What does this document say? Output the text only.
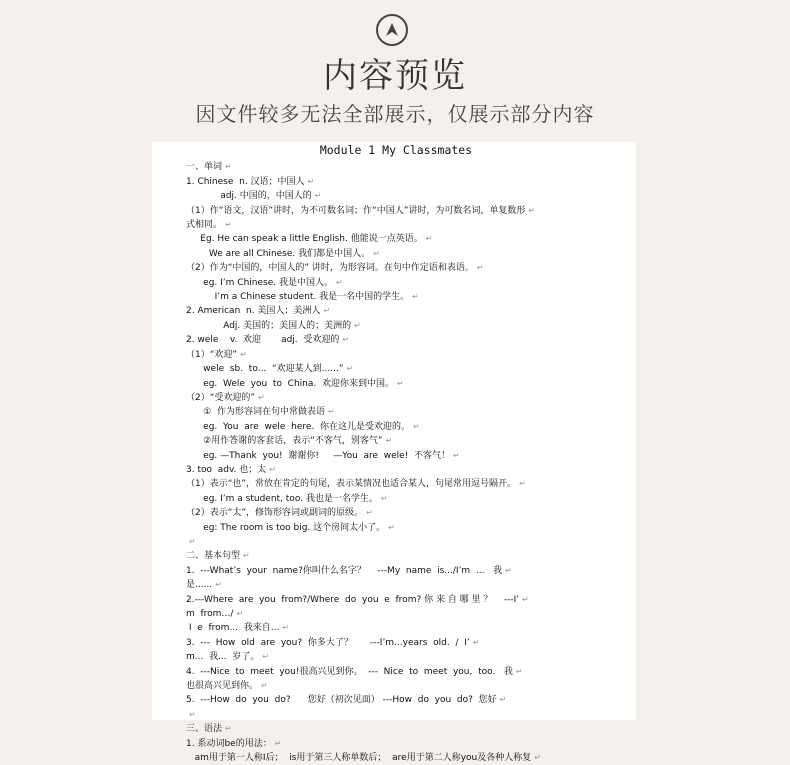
内容预览
因文件较多无法全部展示，仅展示部分内容
Module 1 My Classmates
一、单词 ↵
1. Chinese  n. 汉语；中国人 ↵
adj. 中国的，中国人的 ↵
（1）作“语文，汉语”讲时，为不可数名词；作“中国人”讲时，为可数名词，单复数形 ↵
式相同。 ↵
Eg. He can speak a little English. 他能说一点英语。 ↵
We are all Chinese. 我们都是中国人。 ↵
（2）作为“中国的，中国人的” 讲时，为形容词。在句中作定语和表语。 ↵
eg. I’m Chinese. 我是中国人。 ↵
I’m a Chinese student. 我是一名中国的学生。 ↵
2. American  n. 美国人；美洲人 ↵
Adj. 美国的；美国人的；美洲的 ↵
2. wele    v.  欢迎       adj.  受欢迎的 ↵
（1）“欢迎” ↵
wele  sb.  to...  “欢迎某人到......” ↵
eg.  Wele  you  to  China.  欢迎你来到中国。 ↵
（2）“受欢迎的” ↵
①  作为形容词在句中常做表语 ↵
eg.  You  are  wele  here.  你在这儿是受欢迎的。 ↵
②用作答谢的客套话，表示“不客气，别客气” ↵
eg. —Thank  you!  谢谢你!     —You  are  wele!  不客气！ ↵
3. too  adv. 也；太 ↵
（1）表示“也”，常放在肯定的句尾，表示某情况也适合某人，句尾常用逗号隔开。 ↵
eg. I’m a student, too. 我也是一名学生。 ↵
（2）表示“太”，修饰形容词或副词的原级。 ↵
eg: The room is too big. 这个房间太小了。 ↵
↵
二、基本句型 ↵
1.  ---What’s  your  name?你叫什么名字？    ---My  name  is.../I’m  ...   我 ↵
是...... ↵
2.---Where  are  you  from?/Where  do  you  e  from? 你 来 自 哪 里 ？    ---I’ ↵
m  from…/ ↵
I  e  from...  我来自... ↵
3.  ---  How  old  are  you?  你多大了？      ---I’m...years  old.  /  I’ ↵
m...  我...  岁了。 ↵
4.  ---Nice  to  meet  you!很高兴见到你。  ---  Nice  to  meet  you,  too.   我 ↵
也很高兴见到你。 ↵
5.  ---How  do  you  do?      您好（初次见面） ---How  do  you  do?  您好 ↵
↵
三、语法 ↵
1. 系动词be的用法： ↵
am用于第一人称I后；  is用于第三人称单数后；  are用于第二人称you及各种人称复 ↵
